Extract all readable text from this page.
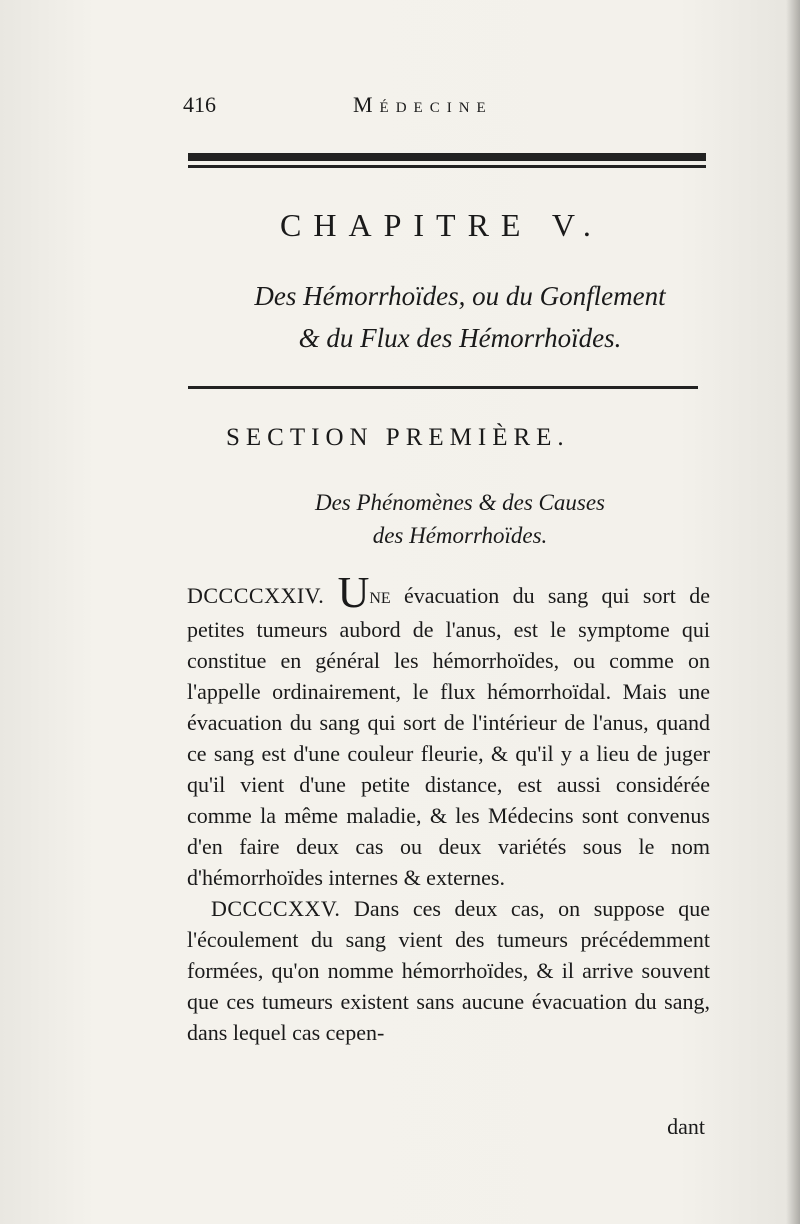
416	Médecine
CHAPITRE V.
Des Hémorrhoïdes, ou du Gonflement
& du Flux des Hémorrhoïdes.
SECTION PREMIÈRE.
Des Phénomènes & des Causes
des Hémorrhoïdes.

DCCCCXXIV. UNE évacuation du sang qui sort de petites tumeurs aubord de l'anus, est le symptome qui constitue en général les hémorrhoïdes, ou comme on l'appelle ordinairement, le flux hémorrhoïdal. Mais une évacuation du sang qui sort de l'intérieur de l'anus, quand ce sang est d'une couleur fleurie, & qu'il y a lieu de juger qu'il vient d'une petite distance, est aussi considérée comme la même maladie, & les Médecins sont convenus d'en faire deux cas ou deux variétés sous le nom d'hémorrhoïdes internes & externes.

DCCCCXXV. Dans ces deux cas, on suppose que l'écoulement du sang vient des tumeurs précédemment formées, qu'on nomme hémorrhoïdes, & il arrive souvent que ces tumeurs existent sans aucune évacuation du sang, dans lequel cas cepen-

dant
